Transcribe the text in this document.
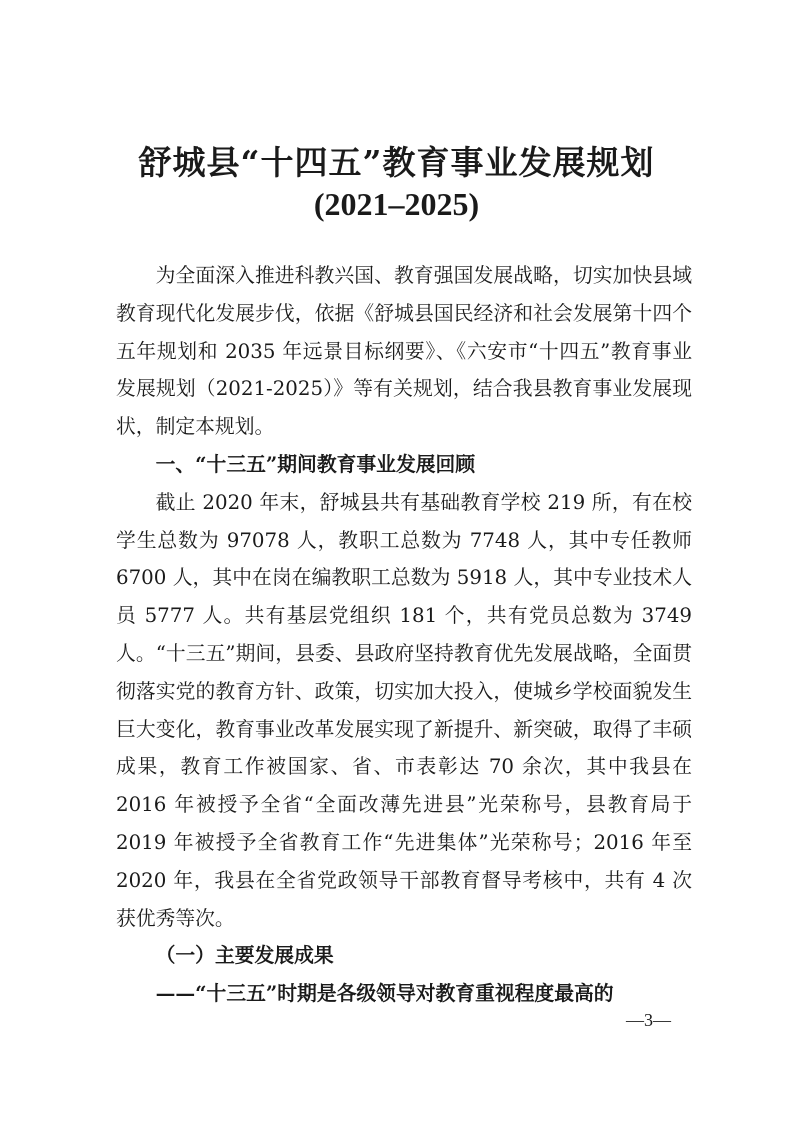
舒城县“十四五”教育事业发展规划
(2021–2025)

为全面深入推进科教兴国、教育强国发展战略，切实加快县域教育现代化发展步伐，依据《舒城县国民经济和社会发展第十四个五年规划和 2035 年远景目标纲要》、《六安市“十四五”教育事业发展规划（2021-2025）》等有关规划，结合我县教育事业发展现状，制定本规划。

一、“十三五”期间教育事业发展回顾

截止 2020 年末，舒城县共有基础教育学校 219 所，有在校学生总数为 97078 人，教职工总数为 7748 人，其中专任教师 6700 人，其中在岗在编教职工总数为 5918 人，其中专业技术人员 5777 人。共有基层党组织 181 个，共有党员总数为 3749 人。“十三五”期间，县委、县政府坚持教育优先发展战略，全面贯彻落实党的教育方针、政策，切实加大投入，使城乡学校面貌发生巨大变化，教育事业改革发展实现了新提升、新突破，取得了丰硕成果，教育工作被国家、省、市表彰达 70 余次，其中我县在 2016 年被授予全省“全面改薄先进县”光荣称号，县教育局于 2019 年被授予全省教育工作“先进集体”光荣称号；2016 年至 2020 年，我县在全省党政领导干部教育督导考核中，共有 4 次获优秀等次。

（一）主要发展成果

——“十三五”时期是各级领导对教育重视程度最高的

—3—
